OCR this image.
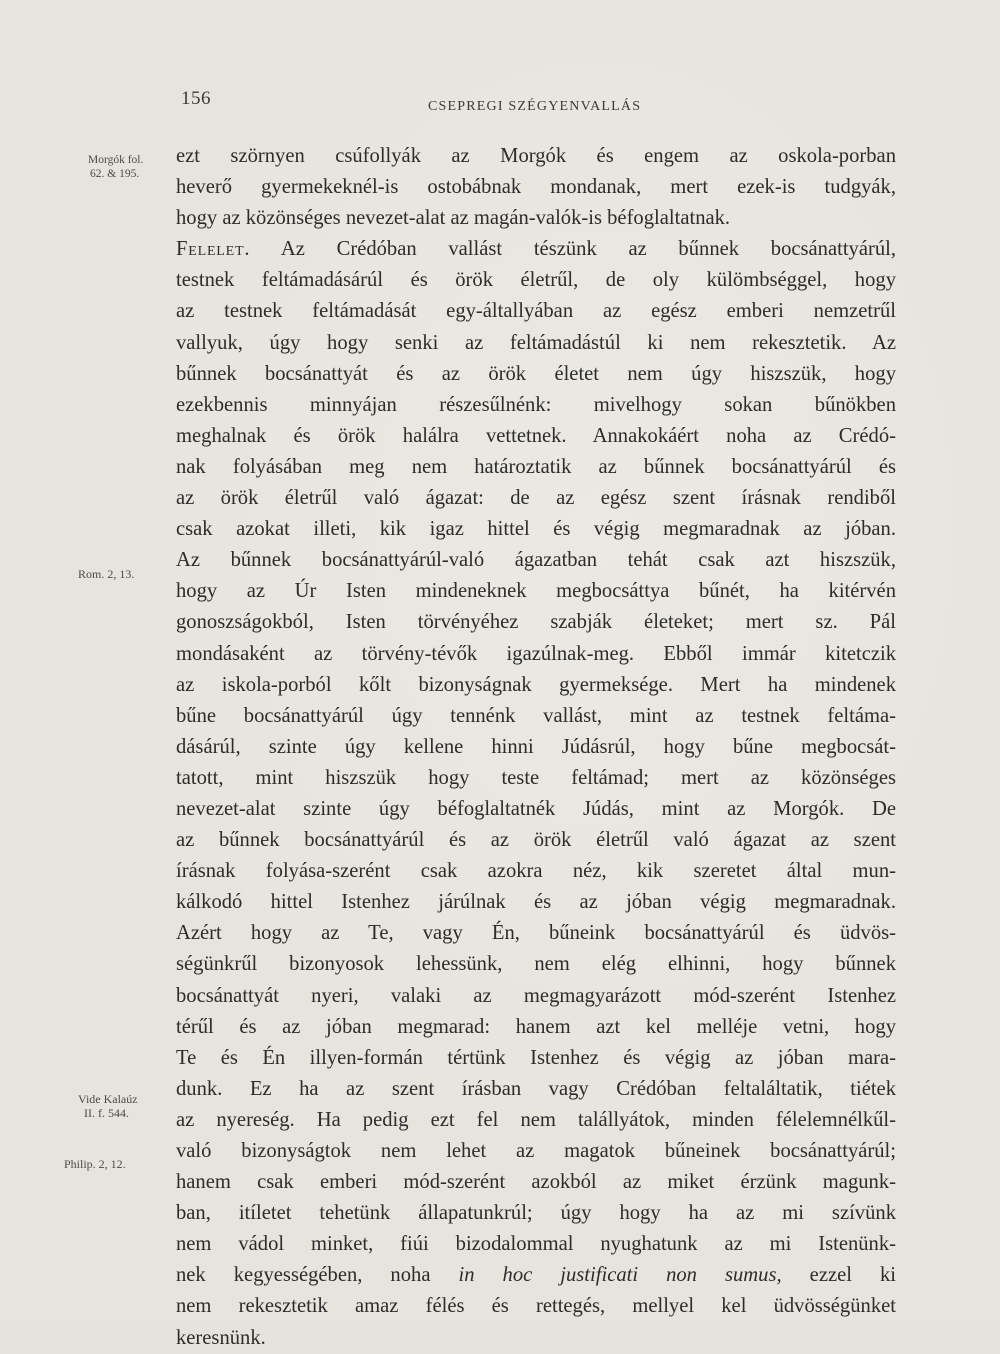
156	CSEPREGI SZÉGYENVALLÁS
Morgók fol.
62. & 195.
Rom. 2, 13.
Vide Kalaúz
II. f. 544.
Philip. 2, 12.
ezt szörnyen csúfollyák az Morgók és engem az oskola-porban
heverő gyermekeknél-is ostobábnak mondanak, mert ezek-is tudgyák,
hogy az közönséges nevezet-alat az magán-valók-is béfoglaltatnak.
Felelet. Az Crédóban vallást tészünk az bűnnek bocsánattyárúl,
testnek feltámadásárúl és örök életrűl, de oly külömbséggel, hogy
az testnek feltámadását egy-általlyában az egész emberi nemzetrűl
vallyuk, úgy hogy senki az feltámadástúl ki nem rekesztetik. Az
bűnnek bocsánattyát és az örök életet nem úgy hiszszük, hogy
ezekbennis minnyájan részesűlnénk: mivelhogy sokan bűnökben
meghalnak és örök halálra vettetnek. Annakokáért noha az Crédó-
nak folyásában meg nem határoztatik az bűnnek bocsánattyárúl és
az örök életrűl való ágazat: de az egész szent írásnak rendiből
csak azokat illeti, kik igaz hittel és végig megmaradnak az jóban.
Az bűnnek bocsánattyárúl-való ágazatban tehát csak azt hiszszük,
hogy az Úr Isten mindeneknek megbocsáttya bűnét, ha kitérvén
gonoszságokból, Isten törvényéhez szabják életeket; mert sz. Pál
mondásaként az törvény-tévők igazúlnak-meg. Ebből immár kitetczik
az iskola-porból kőlt bizonyságnak gyermeksége. Mert ha mindenek
bűne bocsánattyárúl úgy tennénk vallást, mint az testnek feltáma-
dásárúl, szinte úgy kellene hinni Júdásrúl, hogy bűne megbocsát-
tatott, mint hiszszük hogy teste feltámad; mert az közönséges
nevezet-alat szinte úgy béfoglaltatnék Júdás, mint az Morgók. De
az bűnnek bocsánattyárúl és az örök életrűl való ágazat az szent
írásnak folyása-szerént csak azokra néz, kik szeretet által mun-
kálkodó hittel Istenhez járúlnak és az jóban végig megmaradnak.
Azért hogy az Te, vagy Én, bűneink bocsánattyárúl és üdvös-
ségünkrűl bizonyosok lehessünk, nem elég elhinni, hogy bűnnek
bocsánattyát nyeri, valaki az megmagyarázott mód-szerént Istenhez
térűl és az jóban megmarad: hanem azt kel melléje vetni, hogy
Te és Én illyen-formán tértünk Istenhez és végig az jóban mara-
dunk. Ez ha az szent írásban vagy Crédóban feltaláltatik, tiétek
az nyereség. Ha pedig ezt fel nem talállyátok, minden félelemnélkűl-
való bizonyságtok nem lehet az magatok bűneinek bocsánattyárúl;
hanem csak emberi mód-szerént azokból az miket érzünk magunk-
ban, itíletet tehetünk állapatunkrúl; úgy hogy ha az mi szívünk
nem vádol minket, fiúi bizodalommal nyughatunk az mi Istenünk-
nek kegyességében, noha in hoc justificati non sumus, ezzel ki
nem rekesztetik amaz félés és rettegés, mellyel kel üdvösségünket
keresnünk.
